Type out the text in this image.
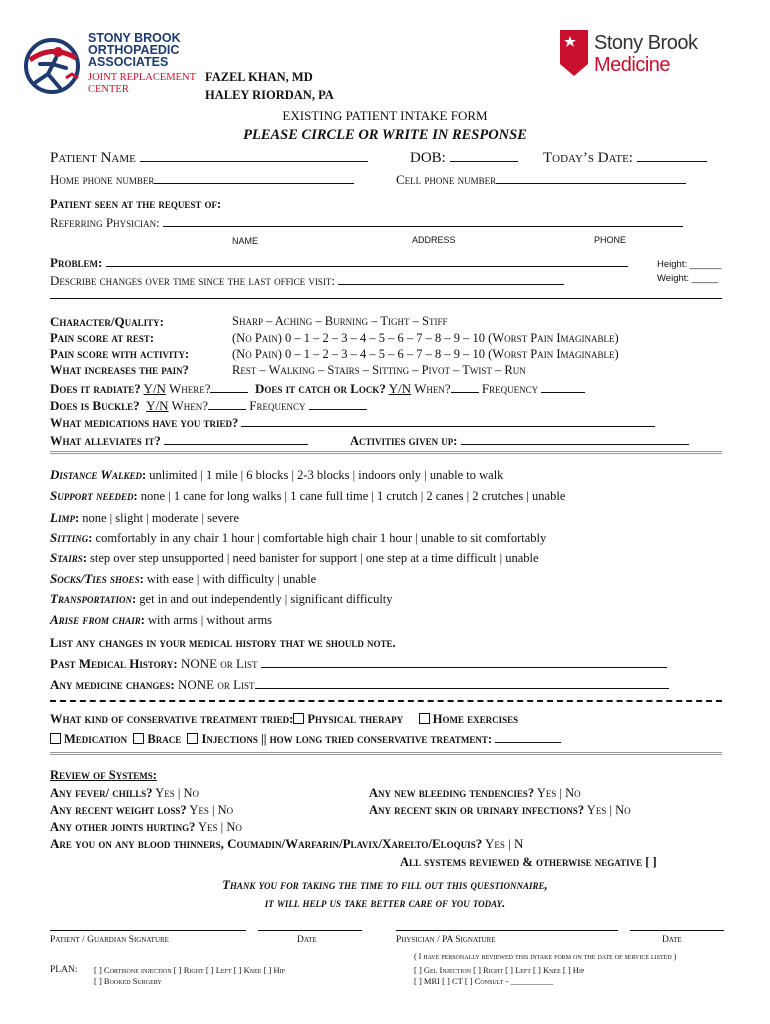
STONY BROOK
ORTHOPAEDIC
ASSOCIATES
JOINT REPLACEMENT
CENTER
FAZEL KHAN, MD
HALEY RIORDAN, PA
Stony Brook
Medicine
EXISTING PATIENT INTAKE FORM
PLEASE CIRCLE OR WRITE IN RESPONSE
Patient Name	DOB:	Today’s Date:
Home phone number	Cell phone number
Patient seen at the request of:
Referring Physician:
NAME	ADDRESS	PHONE
Problem:
Describe changes over time since the last office visit:
Height: ______
Weight: _____
Character/Quality:	Sharp – Aching – Burning – Tight – Stiff
Pain score at rest:	(No Pain) 0 – 1 – 2 – 3 – 4 – 5 – 6 – 7 – 8 – 9 – 10 (Worst Pain Imaginable)
Pain score with activity:	(No Pain) 0 – 1 – 2 – 3 – 4 – 5 – 6 – 7 – 8 – 9 – 10 (Worst Pain Imaginable)
What increases the pain?	Rest – Walking – Stairs – Sitting – Pivot – Twist – Run
Does it radiate? Y/N Where?	Does it catch or Lock? Y/N When? Frequency
Does is Buckle? Y/N When?	Frequency
What medications have you tried?
What alleviates it?	Activities given up:
Distance Walked: unlimited | 1 mile | 6 blocks | 2-3 blocks | indoors only | unable to walk
Support needed: none | 1 cane for long walks | 1 cane full time | 1 crutch | 2 canes | 2 crutches | unable
Limp: none | slight | moderate | severe
Sitting: comfortably in any chair 1 hour | comfortable high chair 1 hour | unable to sit comfortably
Stairs: step over step unsupported | need banister for support | one step at a time difficult | unable
Socks/Ties shoes: with ease | with difficulty | unable
Transportation: get in and out independently | significant difficulty
Arise from chair: with arms | without arms
List any changes in your medical history that we should note.
Past Medical History: NONE or List
Any medicine changes: NONE or List
What kind of conservative treatment tried: Physical therapy Home exercises
Medication Brace Injections || how long tried conservative treatment:
Review of Systems:
Any fever/ chills? Yes | No	Any new bleeding tendencies? Yes | No
Any recent weight loss? Yes | No	Any recent skin or urinary infections? Yes | No
Any other joints hurting? Yes | No
Are you on any blood thinners, Coumadin/Warfarin/Plavix/Xarelto/Eloquis? Yes | N
All systems reviewed & otherwise negative [ ]
Thank you for taking the time to fill out this questionnaire,
it will help us take better care of you today.
Patient / Guardian Signature	Date	Physician / PA Signature	Date
( I have personally reviewed this intake form on the date of service listed )
PLAN: [ ] Cortisone injection [ ] Right [ ] Left [ ] Knee [ ] Hip
[ ] Booked Surgery
[ ] Gel Injection [ ] Right [ ] Left [ ] Knee [ ] Hip
[ ] MRI [ ] CT [ ] Consult - __________
